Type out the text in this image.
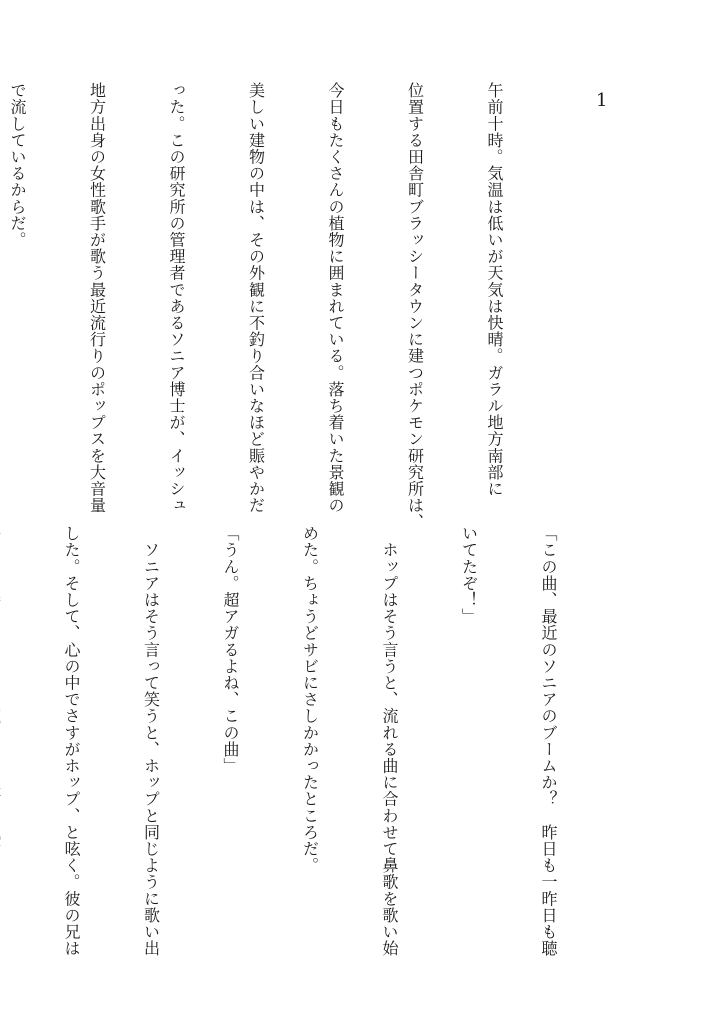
1

午前十時。気温は低いが天気は快晴。ガラル地方南部に

位置する田舎町ブラッシータウンに建つポケモン研究所は、

今日もたくさんの植物に囲まれている。落ち着いた景観の

美しい建物の中は、その外観に不釣り合いなほど賑やかだ

った。この研究所の管理者であるソニア博士が、イッシュ

地方出身の女性歌手が歌う最近流行りのポップスを大音量

で流しているからだ。

「この曲、最近のソニアのブームか？　昨日も一昨日も聴

いてたぞ！」

　ホップはそう言うと、流れる曲に合わせて鼻歌を歌い始

めた。ちょうどサビにさしかかったところだ。

「うん。超アガるよね、この曲」

　ソニアはそう言って笑うと、ホップと同じように歌い出

した。そして、心の中でさすがホップ、と呟く。彼の兄は
